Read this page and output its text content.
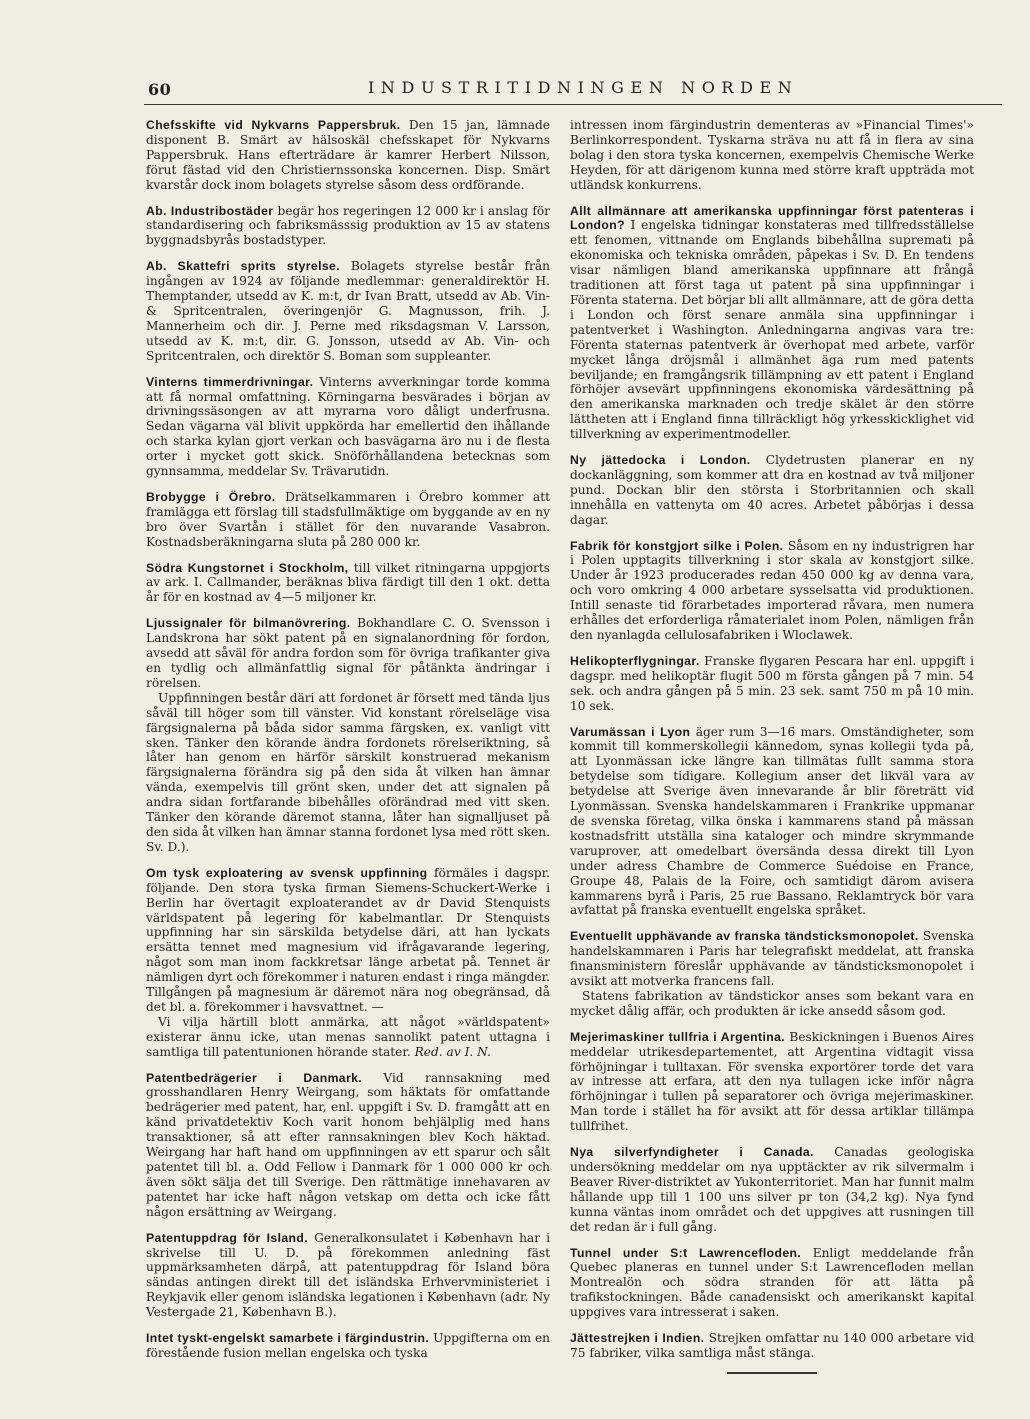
60	INDUSTRITIDNINGEN NORDEN

Chefsskifte vid Nykvarns Pappersbruk. Den 15 jan, lämnade disponent B. Smärt av hälsoskäl chefsskapet för Nykvarns Pappersbruk. Hans efterträdare är kamrer Herbert Nilsson, förut fästad vid den Christiernssonska koncernen. Disp. Smärt kvarstår dock inom bolagets styrelse såsom dess ordförande.

Ab. Industribostäder begär hos regeringen 12 000 kr i anslag för standardisering och fabriksmässsig produktion av 15 av statens byggnadsbyrås bostadstyper.

Ab. Skattefri sprits styrelse. Bolagets styrelse består från ingången av 1924 av följande medlemmar: generaldirektör H. Themptander, utsedd av K. m:t, dr Ivan Bratt, utsedd av Ab. Vin- & Spritcentralen, överingenjör G. Magnusson, frih. J. Mannerheim och dir. J. Perne med riksdagsman V. Larsson, utsedd av K. m:t, dir. G. Jonsson, utsedd av Ab. Vin- och Spritcentralen, och direktör S. Boman som suppleanter.

Vinterns timmerdrivningar. Vinterns avverkningar torde komma att få normal omfattning. Körningarna besvärades i början av drivningssäsongen av att myrarna voro dåligt underfrusna. Sedan vägarna väl blivit uppkörda har emellertid den ihållande och starka kylan gjort verkan och basvägarna äro nu i de flesta orter i mycket gott skick. Snöförhållandena betecknas som gynnsamma, meddelar Sv. Trävarutidn.

Brobygge i Örebro. Drätselkammaren i Örebro kommer att framlägga ett förslag till stadsfullmäktige om byggande av en ny bro över Svartån i stället för den nuvarande Vasabron. Kostnadsberäkningarna sluta på 280 000 kr.

Södra Kungstornet i Stockholm, till vilket ritningarna uppgjorts av ark. I. Callmander, beräknas bliva färdigt till den 1 okt. detta år för en kostnad av 4—5 miljoner kr.

Ljussignaler för bilmanövrering. Bokhandlare C. O. Svensson i Landskrona har sökt patent på en signalanordning för fordon, avsedd att såväl för andra fordon som för övriga trafikanter giva en tydlig och allmänfattlig signal för påtänkta ändringar i rörelsen.

Uppfinningen består däri att fordonet är försett med tända ljus såväl till höger som till vänster. Vid konstant rörelseläge visa färgsignalerna på båda sidor samma färgsken, ex. vanligt vitt sken. Tänker den körande ändra fordonets rörelseriktning, så låter han genom en härför särskilt konstruerad mekanism färgsignalerna förändra sig på den sida åt vilken han ämnar vända, exempelvis till grönt sken, under det att signalen på andra sidan fortfarande bibehålles oförändrad med vitt sken. Tänker den körande däremot stanna, låter han signalljuset på den sida åt vilken han ämnar stanna fordonet lysa med rött sken. Sv. D.).

Om tysk exploatering av svensk uppfinning förmäles i dagspr. följande. Den stora tyska firman Siemens-Schuckert-Werke i Berlin har övertagit exploaterandet av dr David Stenquists världspatent på legering för kabelmantlar. Dr Stenquists uppfinning har sin särskilda betydelse däri, att han lyckats ersätta tennet med magnesium vid ifrågavarande legering, något som man inom fackkretsar länge arbetat på. Tennet är nämligen dyrt och förekommer i naturen endast i ringa mängder. Tillgången på magnesium är däremot nära nog obegränsad, då det bl. a. förekommer i havsvattnet. —

Vi vilja härtill blott anmärka, att något »världspatent» existerar ännu icke, utan menas sannolikt patent uttagna i samtliga till patentunionen hörande stater. Red. av I. N.

Patentbedrägerier i Danmark. Vid rannsakning med grosshandlaren Henry Weirgang, som häktats för omfattande bedrägerier med patent, har, enl. uppgift i Sv. D. framgått att en känd privatdetektiv Koch varit honom behjälplig med hans transaktioner, så att efter rannsakningen blev Koch häktad. Weirgang har haft hand om uppfinningen av ett sparur och sålt patentet till bl. a. Odd Fellow i Danmark för 1 000 000 kr och även sökt sälja det till Sverige. Den rättmätige innehavaren av patentet har icke haft någon vetskap om detta och icke fått någon ersättning av Weirgang.

Patentuppdrag för Island. Generalkonsulatet i København har i skrivelse till U. D. på förekommen anledning fäst uppmärksamheten därpå, att patentuppdrag för Island böra sändas antingen direkt till det isländska Erhvervministeriet i Reykjavik eller genom isländska legationen i København (adr. Ny Vestergade 21, København B.).

Intet tyskt-engelskt samarbete i färgindustrin. Uppgifterna om en förestående fusion mellan engelska och tyska

intressen inom färgindustrin dementeras av »Financial Times'» Berlinkorrespondent. Tyskarna sträva nu att få in flera av sina bolag i den stora tyska koncernen, exempelvis Chemische Werke Heyden, för att därigenom kunna med större kraft uppträda mot utländsk konkurrens.

Allt allmännare att amerikanska uppfinningar först patenteras i London? I engelska tidningar konstateras med tillfredsställelse ett fenomen, vittnande om Englands bibehållna supremati på ekonomiska och tekniska områden, påpekas i Sv. D. En tendens visar nämligen bland amerikanska uppfinnare att frångå traditionen att först taga ut patent på sina uppfinningar i Förenta staterna. Det börjar bli allt allmännare, att de göra detta i London och först senare anmäla sina uppfinningar i patentverket i Washington. Anledningarna angivas vara tre: Förenta staternas patentverk är överhopat med arbete, varför mycket långa dröjsmål i allmänhet äga rum med patents beviljande; en framgångsrik tillämpning av ett patent i England förhöjer avsevärt uppfinningens ekonomiska värdesättning på den amerikanska marknaden och tredje skälet är den större lättheten att i England finna tillräckligt hög yrkesskicklighet vid tillverkning av experimentmodeller.

Ny jättedocka i London. Clydetrusten planerar en ny dockanläggning, som kommer att dra en kostnad av två miljoner pund. Dockan blir den största i Storbritannien och skall innehålla en vattenyta om 40 acres. Arbetet påbörjas i dessa dagar.

Fabrik för konstgjort silke i Polen. Såsom en ny industrigren har i Polen upptagits tillverkning i stor skala av konstgjort silke. Under år 1923 producerades redan 450 000 kg av denna vara, och voro omkring 4 000 arbetare sysselsatta vid produktionen. Intill senaste tid förarbetades importerad råvara, men numera erhålles det erforderliga råmaterialet inom Polen, nämligen från den nyanlagda cellulosafabriken i Wloclawek.

Helikopterflygningar. Franske flygaren Pescara har enl. uppgift i dagspr. med helikoptär flugit 500 m första gången på 7 min. 54 sek. och andra gången på 5 min. 23 sek. samt 750 m på 10 min. 10 sek.

Varumässan i Lyon äger rum 3—16 mars. Omständigheter, som kommit till kommerskollegii kännedom, synas kollegii tyda på, att Lyonmässan icke längre kan tillmätas fullt samma stora betydelse som tidigare. Kollegium anser det likväl vara av betydelse att Sverige även innevarande år blir företrätt vid Lyonmässan. Svenska handelskammaren i Frankrike uppmanar de svenska företag, vilka önska i kammarens stand på mässan kostnadsfritt utställa sina kataloger och mindre skrymmande varuprover, att omedelbart översända dessa direkt till Lyon under adress Chambre de Commerce Suédoise en France, Groupe 48, Palais de la Foire, och samtidigt därom avisera kammarens byrå i Paris, 25 rue Bassano. Reklamtryck bör vara avfattat på franska eventuellt engelska språket.

Eventuellt upphävande av franska tändsticksmonopolet. Svenska handelskammaren i Paris har telegrafiskt meddelat, att franska finansministern föreslår upphävande av tändsticksmonopolet i avsikt att motverka francens fall.

Statens fabrikation av tändstickor anses som bekant vara en mycket dålig affär, och produkten är icke ansedd såsom god.

Mejerimaskiner tullfria i Argentina. Beskickningen i Buenos Aires meddelar utrikesdepartementet, att Argentina vidtagit vissa förhöjningar i tulltaxan. För svenska exportörer torde det vara av intresse att erfara, att den nya tullagen icke inför några förhöjningar i tullen på separatorer och övriga mejerimaskiner. Man torde i stället ha för avsikt att för dessa artiklar tillämpa tullfrihet.

Nya silverfyndigheter i Canada. Canadas geologiska undersökning meddelar om nya upptäckter av rik silvermalm i Beaver River-distriktet av Yukonterritoriet. Man har funnit malm hållande upp till 1 100 uns silver pr ton (34,2 kg). Nya fynd kunna väntas inom området och det uppgives att rusningen till det redan är i full gång.

Tunnel under S:t Lawrencefloden. Enligt meddelande från Quebec planeras en tunnel under S:t Lawrencefloden mellan Montrealön och södra stranden för att lätta på trafikstockningen. Både canadensiskt och amerikanskt kapital uppgives vara intresserat i saken.

Jättestrejken i Indien. Strejken omfattar nu 140 000 arbetare vid 75 fabriker, vilka samtliga måst stänga.
